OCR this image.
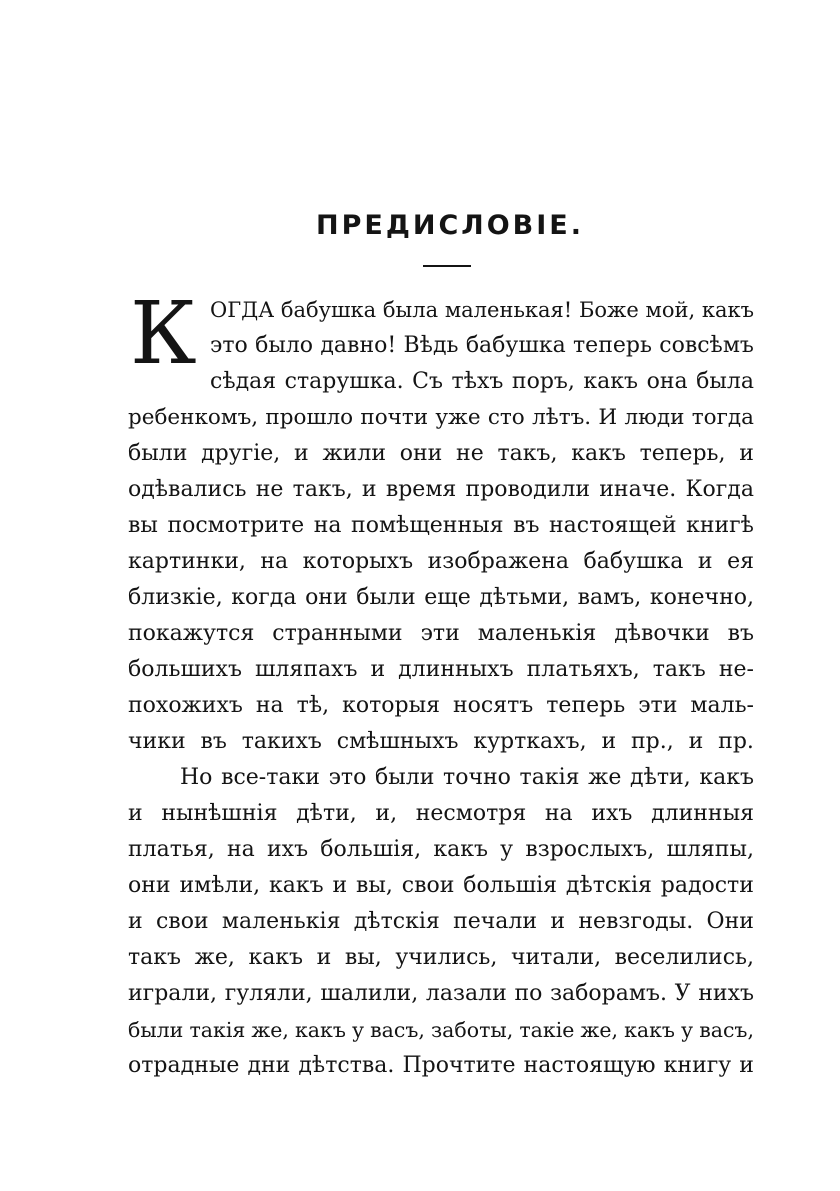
ПРЕДИСЛОВІЕ.
К ОГДА бабушка была маленькая! Боже мой, какъ
это было давно! Вѣдь бабушка теперь совсѣмъ
сѣдая старушка. Съ тѣхъ поръ, какъ она была
ребенкомъ, прошло почти уже сто лѣтъ. И люди тогда
были другіе, и жили они не такъ, какъ теперь, и
одѣвались не такъ, и время проводили иначе. Когда
вы посмотрите на помѣщенныя въ настоящей книгѣ
картинки, на которыхъ изображена бабушка и ея
близкіе, когда они были еще дѣтьми, вамъ, конечно,
покажутся странными эти маленькія дѣвочки въ
большихъ шляпахъ и длинныхъ платьяхъ, такъ не-
похожихъ на тѣ, которыя носятъ теперь эти маль-
чики въ такихъ смѣшныхъ курткахъ, и пр., и пр.
Но все-таки это были точно такія же дѣти, какъ
и нынѣшнія дѣти, и, несмотря на ихъ длинныя
платья, на ихъ большія, какъ у взрослыхъ, шляпы,
они имѣли, какъ и вы, свои большія дѣтскія радости
и свои маленькія дѣтскія печали и невзгоды. Они
такъ же, какъ и вы, учились, читали, веселились,
играли, гуляли, шалили, лазали по заборамъ. У нихъ
были такія же, какъ у васъ, заботы, такіе же, какъ у васъ,
отрадные дни дѣтства. Прочтите настоящую книгу и
